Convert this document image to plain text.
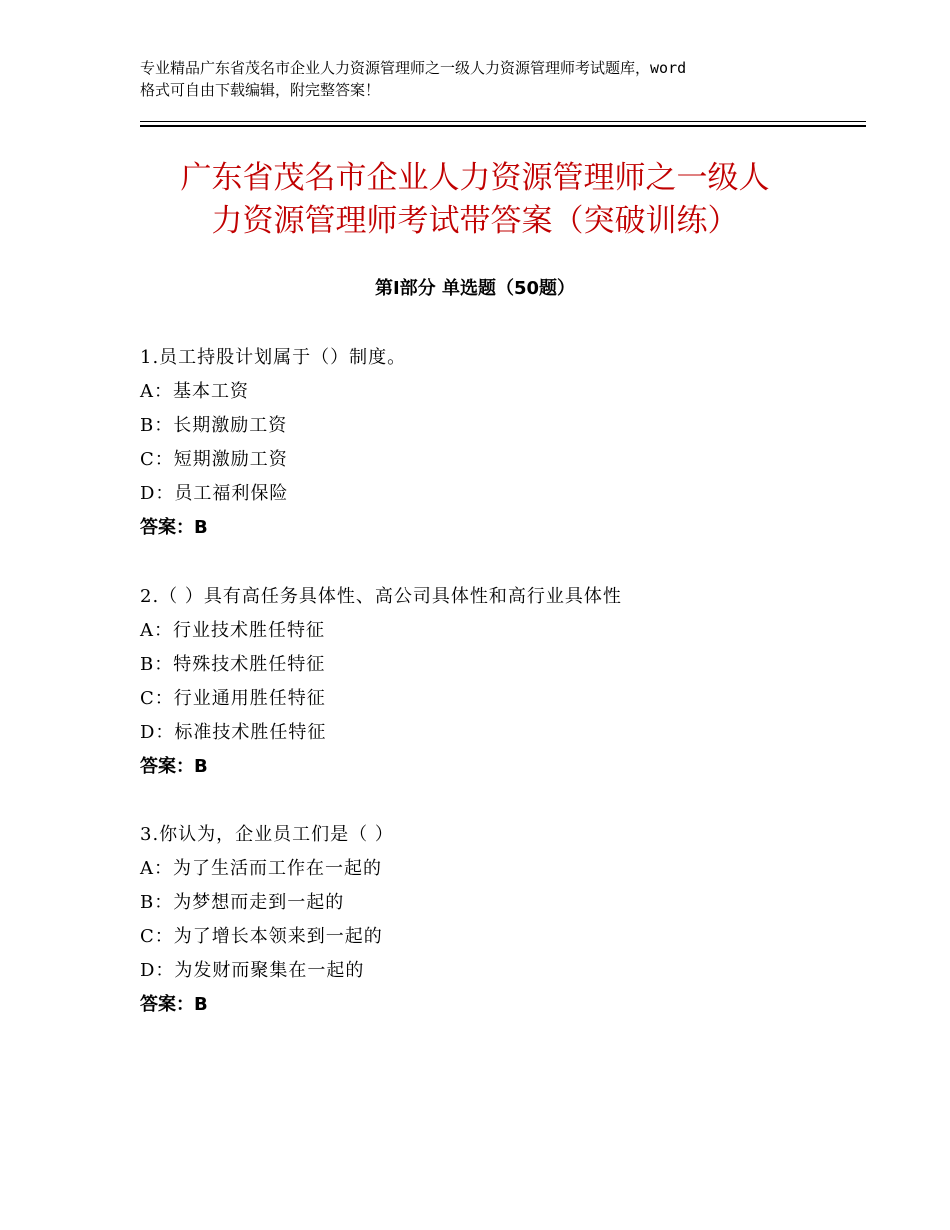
专业精品广东省茂名市企业人力资源管理师之一级人力资源管理师考试题库，word
格式可自由下载编辑，附完整答案！
广东省茂名市企业人力资源管理师之一级人
力资源管理师考试带答案（突破训练）
第Ⅰ部分 单选题（50题）
1.员工持股计划属于（）制度。
A：基本工资
B：长期激励工资
C：短期激励工资
D：员工福利保险
答案：B
2.（ ）具有高任务具体性、高公司具体性和高行业具体性
A：行业技术胜任特征
B：特殊技术胜任特征
C：行业通用胜任特征
D：标准技术胜任特征
答案：B
3.你认为，企业员工们是（ ）
A：为了生活而工作在一起的
B：为梦想而走到一起的
C：为了增长本领来到一起的
D：为发财而聚集在一起的
答案：B
